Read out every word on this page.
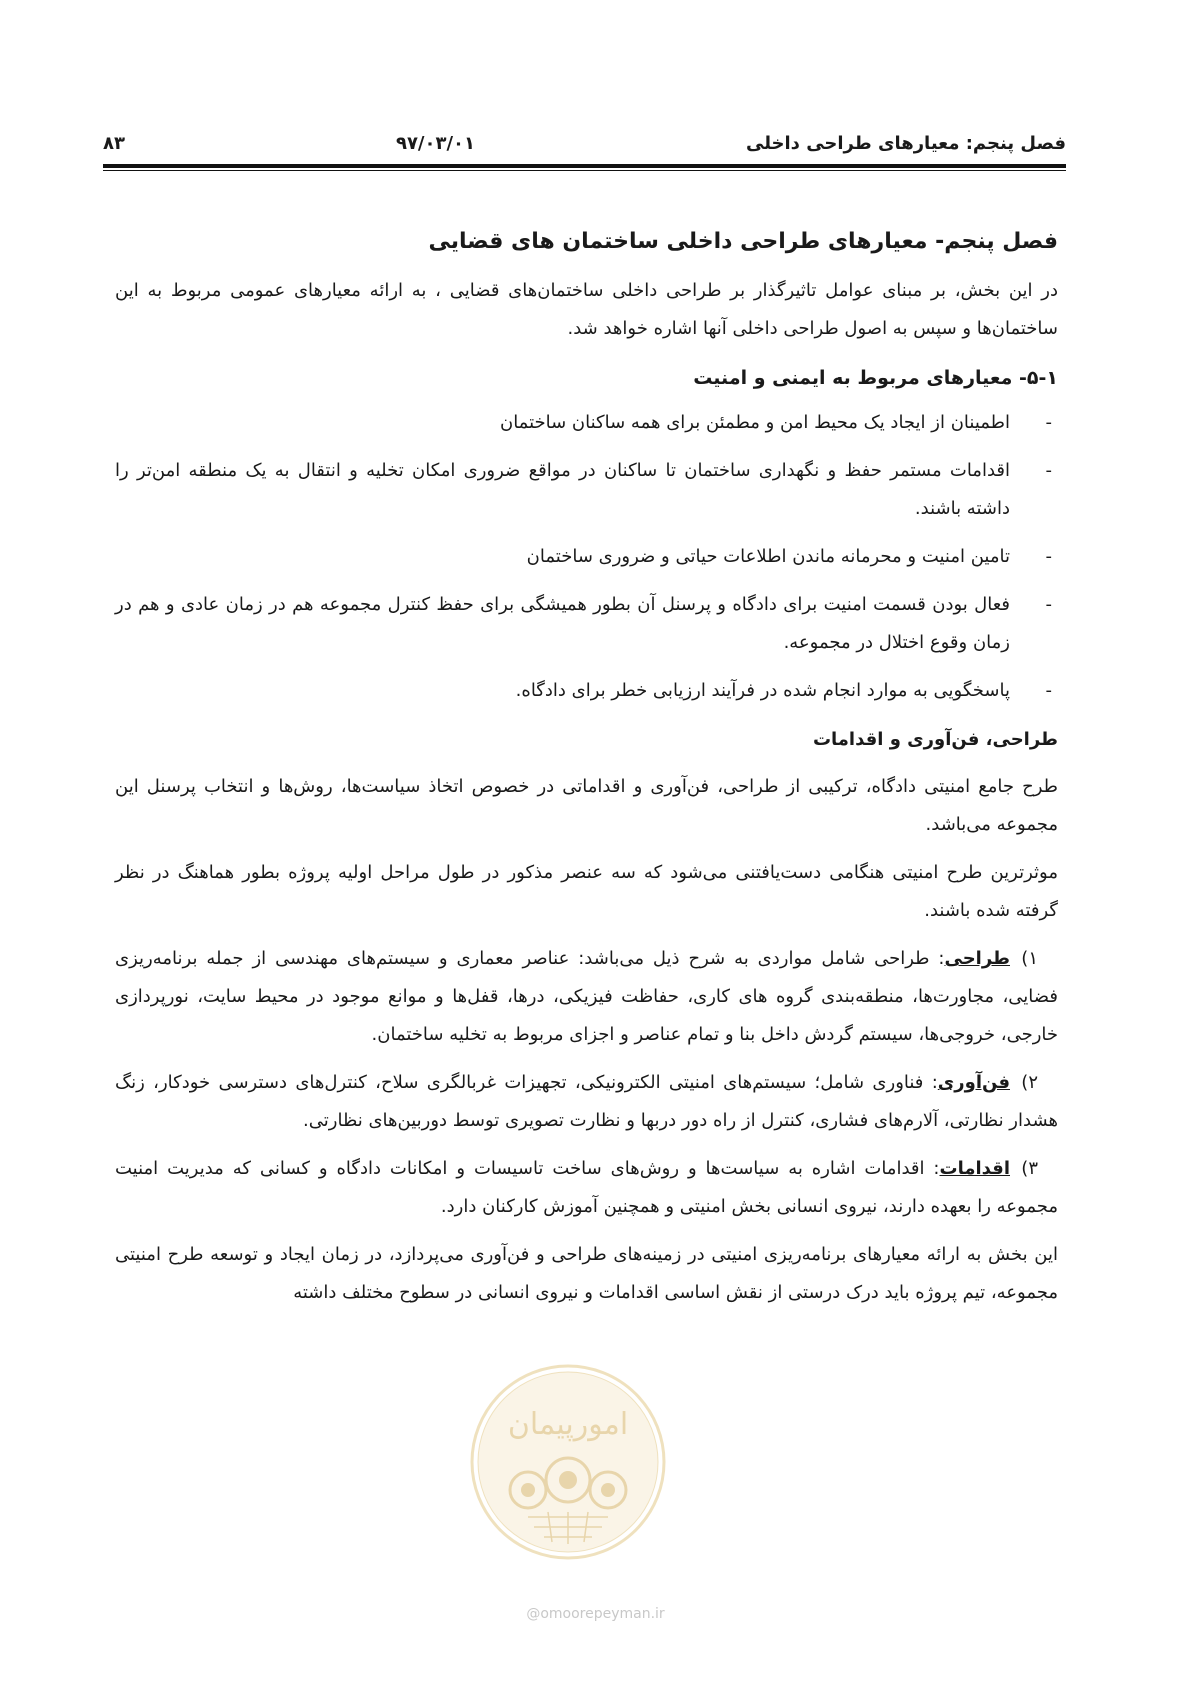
فصل پنجم: معیارهای طراحی داخلی
۹۷/۰۳/۰۱
۸۳
فصل پنجم- معیارهای طراحی داخلی ساختمان های قضایی

در این بخش، بر مبنای عوامل تاثیرگذار بر طراحی داخلی ساختمان‌های قضایی ، به ارائه معیارهای عمومی مربوط به این ساختمان‌ها و سپس به اصول طراحی داخلی آنها اشاره خواهد شد.

۵-۱- معیارهای مربوط به ایمنی و امنیت
-
اطمینان از ایجاد یک محیط امن و مطمئن برای همه ساکنان ساختمان
-
اقدامات مستمر حفظ و نگهداری ساختمان تا ساکنان در مواقع ضروری امکان تخلیه و انتقال به یک منطقه امن‌تر را داشته باشند.
-
تامین امنیت و محرمانه ماندن اطلاعات حیاتی و ضروری ساختمان
-
فعال بودن قسمت امنیت برای دادگاه و پرسنل آن بطور همیشگی برای حفظ کنترل مجموعه هم در زمان عادی و هم در زمان وقوع اختلال در مجموعه.
-
پاسخگویی به موارد انجام شده در فرآیند ارزیابی خطر برای دادگاه.
طراحی، فن‌آوری و اقدامات

طرح جامع امنیتی دادگاه، ترکیبی از طراحی، فن‌آوری و اقداماتی در خصوص اتخاذ سیاست‌ها، روش‌ها و انتخاب پرسنل این مجموعه می‌باشد.

موثرترین طرح امنیتی هنگامی دست‌یافتنی می‌شود که سه عنصر مذکور در طول مراحل اولیه پروژه بطور هماهنگ در نظر گرفته شده باشند.

۱)طراحی: طراحی شامل مواردی به شرح ذیل می‌باشد: عناصر معماری و سیستم‌های مهندسی از جمله برنامه‌ریزی فضایی، مجاورت‌ها، منطقه‌بندی گروه های کاری، حفاظت فیزیکی، درها، قفل‌ها و موانع موجود در محیط سایت، نورپردازی خارجی، خروجی‌ها، سیستم گردش داخل بنا و تمام عناصر و اجزای مربوط به تخلیه ساختمان.
۲)فن‌آوری: فناوری شامل؛ سیستم‌های امنیتی الکترونیکی، تجهیزات غربالگری سلاح، کنترل‌های دسترسی خودکار، زنگ هشدار نظارتی، آلارم‌های فشاری، کنترل از راه دور دربها و نظارت تصویری توسط دوربین‌های نظارتی.
۳)اقدامات: اقدامات اشاره به سیاست‌ها و روش‌های ساخت تاسیسات و امکانات دادگاه و کسانی که مدیریت امنیت مجموعه را بعهده دارند، نیروی انسانی بخش امنیتی و همچنین آموزش کارکنان دارد.

این بخش به ارائه معیارهای برنامه‌ریزی امنیتی در زمینه‌های طراحی و فن‌آوری می‌پردازد، در زمان ایجاد و توسعه طرح امنیتی مجموعه، تیم پروژه باید درک درستی از نقش اساسی اقدامات و نیروی انسانی در سطوح مختلف داشته

امورپیمان
@omoorepeyman.ir
